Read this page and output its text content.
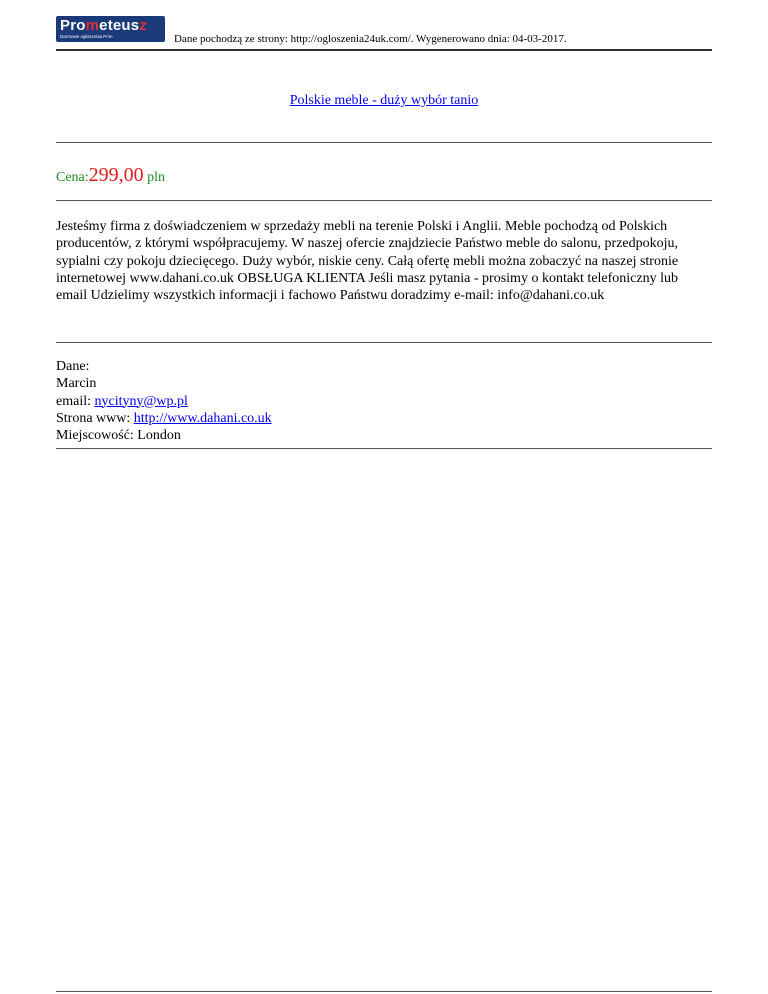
Prometeusz
Darmowe ogłoszenia Prim	Dane pochodzą ze strony: http://ogloszenia24uk.com/. Wygenerowano dnia: 04-03-2017.
Polskie meble - duży wybór tanio
Cena:299,00 pln
Jesteśmy firma z doświadczeniem w sprzedaży mebli na terenie Polski i Anglii. Meble pochodzą od Polskich producentów, z którymi współpracujemy. W naszej ofercie znajdziecie Państwo meble do salonu, przedpokoju, sypialni czy pokoju dziecięcego. Duży wybór, niskie ceny. Całą ofertę mebli można zobaczyć na naszej stronie internetowej www.dahani.co.uk OBSŁUGA KLIENTA Jeśli masz pytania - prosimy o kontakt telefoniczny lub email Udzielimy wszystkich informacji i fachowo Państwu doradzimy e-mail: info@dahani.co.uk
Dane:
Marcin
email: nycityny@wp.pl
Strona www: http://www.dahani.co.uk
Miejscowość: London
